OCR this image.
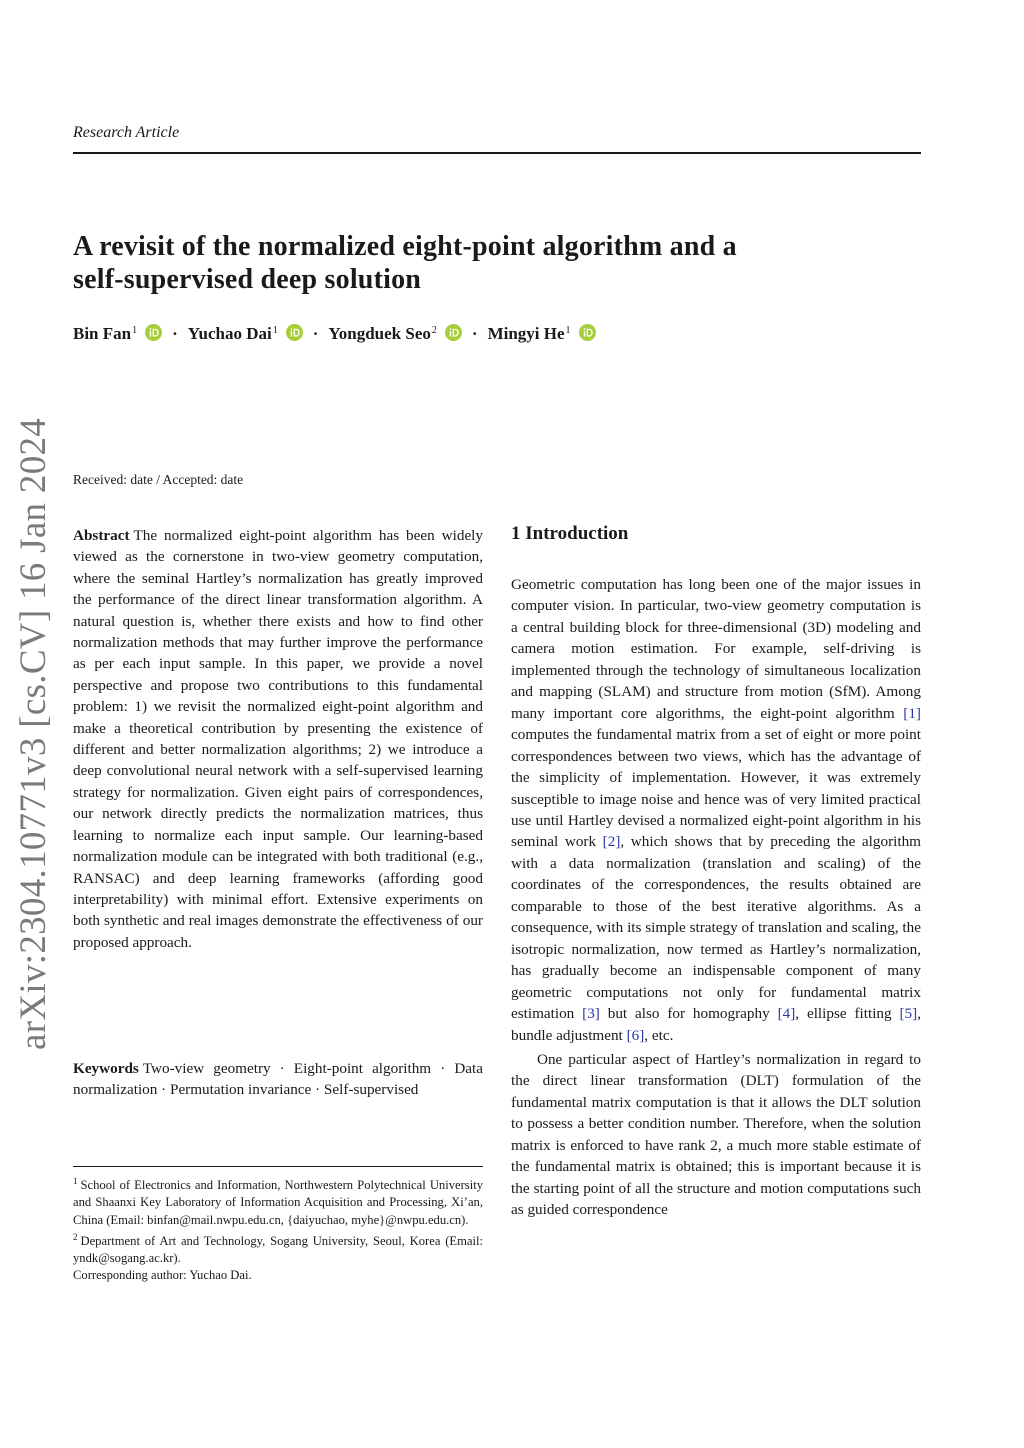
Research Article
A revisit of the normalized eight-point algorithm and a
self-supervised deep solution
Bin Fan$^1$ · Yuchao Dai$^1$ · Yongduek Seo$^2$ · Mingyi He$^1$
arXiv:2304.10771v3 [cs.CV] 16 Jan 2024 Received: date / Accepted: date

Abstract The normalized eight-point algorithm has been widely viewed as the cornerstone in two-view geometry computation, where the seminal Hartley’s normalization has greatly improved the performance of the direct linear transformation algorithm. A natural question is, whether there exists and how to find other normalization methods that may further improve the performance as per each input sample. In this paper, we provide a novel perspective and propose two contributions to this fundamental problem: 1) we revisit the normalized eight-point algorithm and make a theoretical contribution by presenting the existence of different and better normalization algorithms; 2) we introduce a deep convolutional neural network with a self-supervised learning strategy for normalization. Given eight pairs of correspondences, our network directly predicts the normalization matrices, thus learning to normalize each input sample. Our learning-based normalization module can be integrated with both traditional (e.g., RANSAC) and deep learning frameworks (affording good interpretability) with minimal effort. Extensive experiments on both synthetic and real images demonstrate the effectiveness of our proposed approach.

Keywords Two-view geometry · Eight-point algorithm · Data normalization · Permutation invariance · Self-supervised

$^1$ School of Electronics and Information, Northwestern Polytechnical University and Shaanxi Key Laboratory of Information Acquisition and Processing, Xi’an, China (Email: binfan@mail.nwpu.edu.cn, {daiyuchao, myhe}@nwpu.edu.cn).

$^2$ Department of Art and Technology, Sogang University, Seoul, Korea (Email: yndk@sogang.ac.kr).

Corresponding author: Yuchao Dai.

1 Introduction

Geometric computation has long been one of the major issues in computer vision. In particular, two-view geometry computation is a central building block for three-dimensional (3D) modeling and camera motion estimation. For example, self-driving is implemented through the technology of simultaneous localization and mapping (SLAM) and structure from motion (SfM). Among many important core algorithms, the eight-point algorithm [1] computes the fundamental matrix from a set of eight or more point correspondences between two views, which has the advantage of the simplicity of implementation. However, it was extremely susceptible to image noise and hence was of very limited practical use until Hartley devised a normalized eight-point algorithm in his seminal work [2], which shows that by preceding the algorithm with a data normalization (translation and scaling) of the coordinates of the correspondences, the results obtained are comparable to those of the best iterative algorithms. As a consequence, with its simple strategy of translation and scaling, the isotropic normalization, now termed as Hartley’s normalization, has gradually become an indispensable component of many geometric computations not only for fundamental matrix estimation [3] but also for homography [4], ellipse fitting [5], bundle adjustment [6], etc.

One particular aspect of Hartley’s normalization in regard to the direct linear transformation (DLT) formulation of the fundamental matrix computation is that it allows the DLT solution to possess a better condition number. Therefore, when the solution matrix is enforced to have rank 2, a much more stable estimate of the fundamental matrix is obtained; this is important because it is the starting point of all the structure and motion computations such as guided correspondence
